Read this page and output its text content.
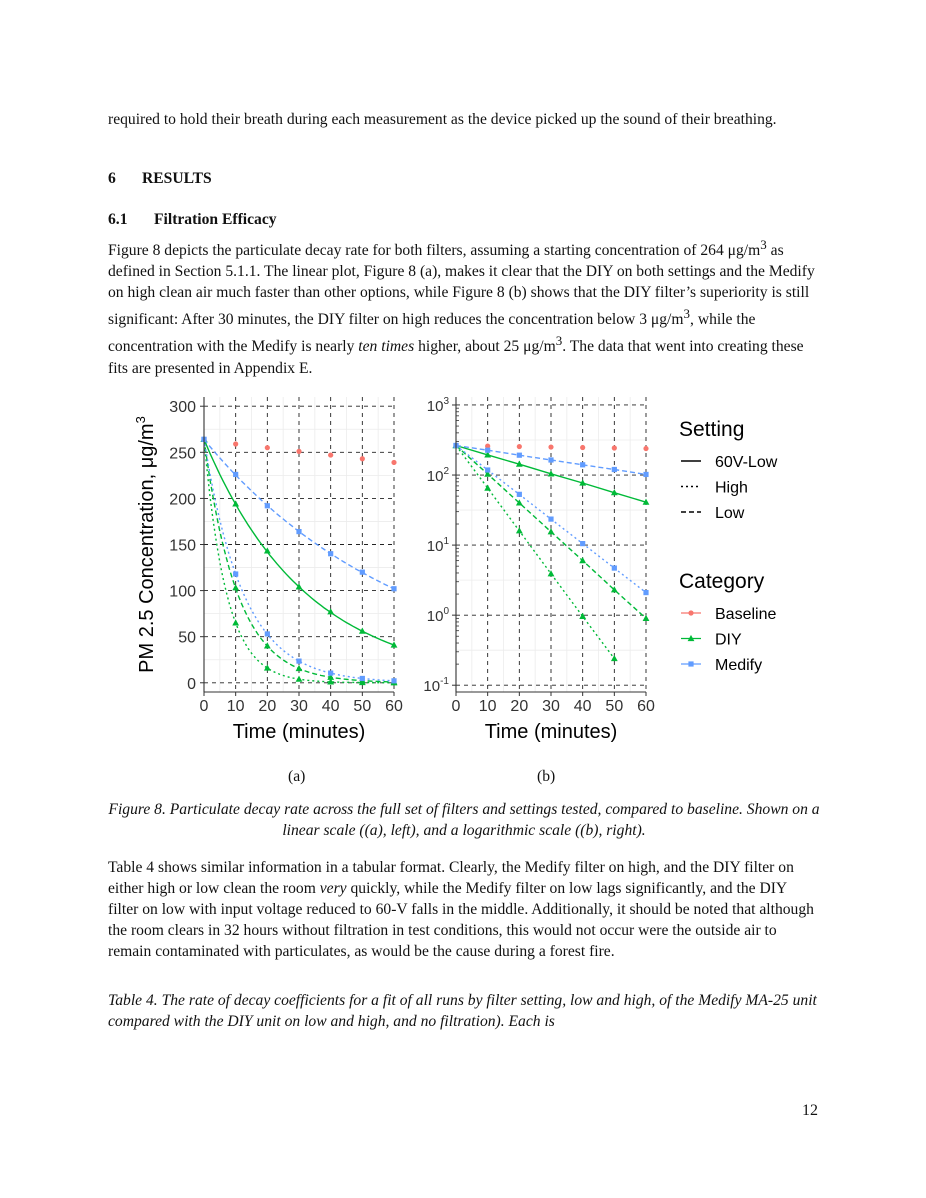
required to hold their breath during each measurement as the device picked up the sound of their breathing.

6 RESULTS

6.1 Filtration Efficacy

Figure 8 depicts the particulate decay rate for both filters, assuming a starting concentration of 264 $\mu g/m^3$ as defined in Section 5.1.1. The linear plot, Figure 8 (a), makes it clear that the DIY on both settings and the Medify on high clean air much faster than other options, while Figure 8 (b) shows that the DIY filter’s superiority is still significant: After 30 minutes, the DIY filter on high reduces the concentration below 3 $\mu g/m^3$, while the concentration with the Medify is nearly ten times higher, about 25 $\mu g/m^3$. The data that went into creating these fits are presented in Appendix E.

0 10 20 30 40 50 60
0
50
100
150
200
250
300
Time (minutes)
PM 2.5 Concentration, $\mu g/m^3$
0 10 20 30 40 50 60
$10^{-1}$
$10^0$
$10^1$
$10^2$
$10^3$
Time (minutes)
Setting
60V-Low
High
Low
Category
Baseline
DIY
Medify
(a)	(b)

Figure 8. Particulate decay rate across the full set of filters and settings tested, compared to baseline. Shown on a linear scale ((a), left), and a logarithmic scale ((b), right).

Table 4 shows similar information in a tabular format. Clearly, the Medify filter on high, and the DIY filter on either high or low clean the room very quickly, while the Medify filter on low lags significantly, and the DIY filter on low with input voltage reduced to 60-V falls in the middle. Additionally, it should be noted that although the room clears in 32 hours without filtration in test conditions, this would not occur were the outside air to remain contaminated with particulates, as would be the cause during a forest fire.

Table 4. The rate of decay coefficients for a fit of all runs by filter setting, low and high, of the Medify MA-25 unit compared with the DIY unit on low and high, and no filtration). Each is

12
